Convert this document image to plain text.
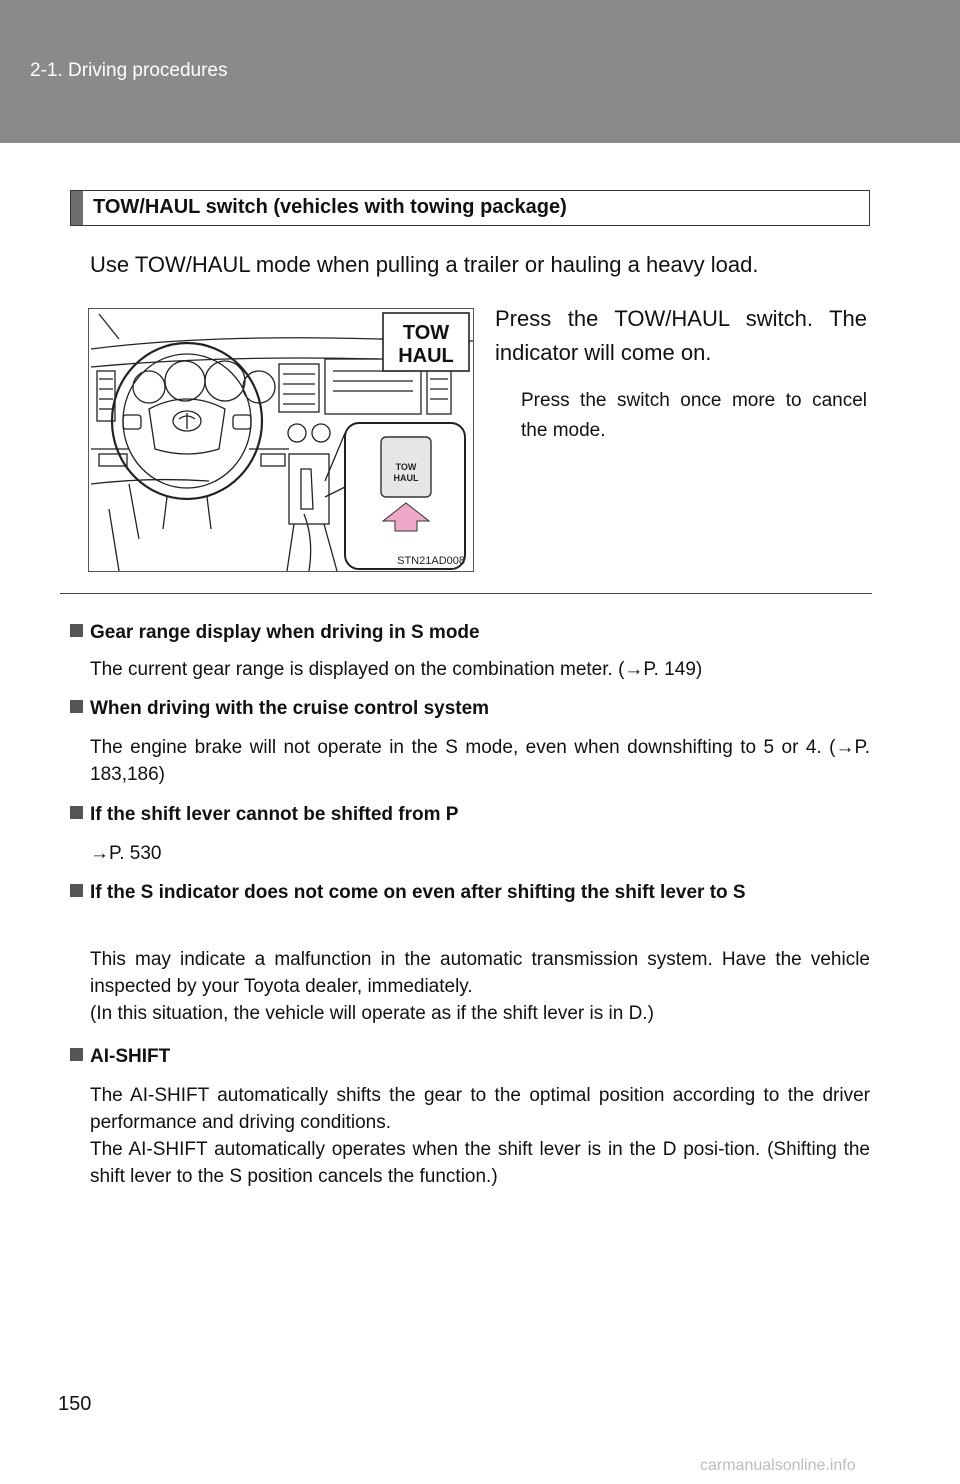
2-1. Driving procedures
TOW/HAUL switch (vehicles with towing package)
Use TOW/HAUL mode when pulling a trailer or hauling a heavy load.
TOW
HAUL
TOW
HAUL
STN21AD008
Press the TOW/HAUL switch. The indicator will come on.
Press the switch once more to cancel the mode.
Gear range display when driving in S mode
The current gear range is displayed on the combination meter. (→P. 149)
When driving with the cruise control system
The engine brake will not operate in the S mode, even when downshifting to 5 or 4. (→P. 183,186)
If the shift lever cannot be shifted from P
→P. 530
If the S indicator does not come on even after shifting the shift lever to S
This may indicate a malfunction in the automatic transmission system. Have the vehicle inspected by your Toyota dealer, immediately.
(In this situation, the vehicle will operate as if the shift lever is in D.)
AI-SHIFT
The AI-SHIFT automatically shifts the gear to the optimal position according to the driver performance and driving conditions.
The AI-SHIFT automatically operates when the shift lever is in the D posi-tion. (Shifting the shift lever to the S position cancels the function.)
150
carmanualsonline.info
